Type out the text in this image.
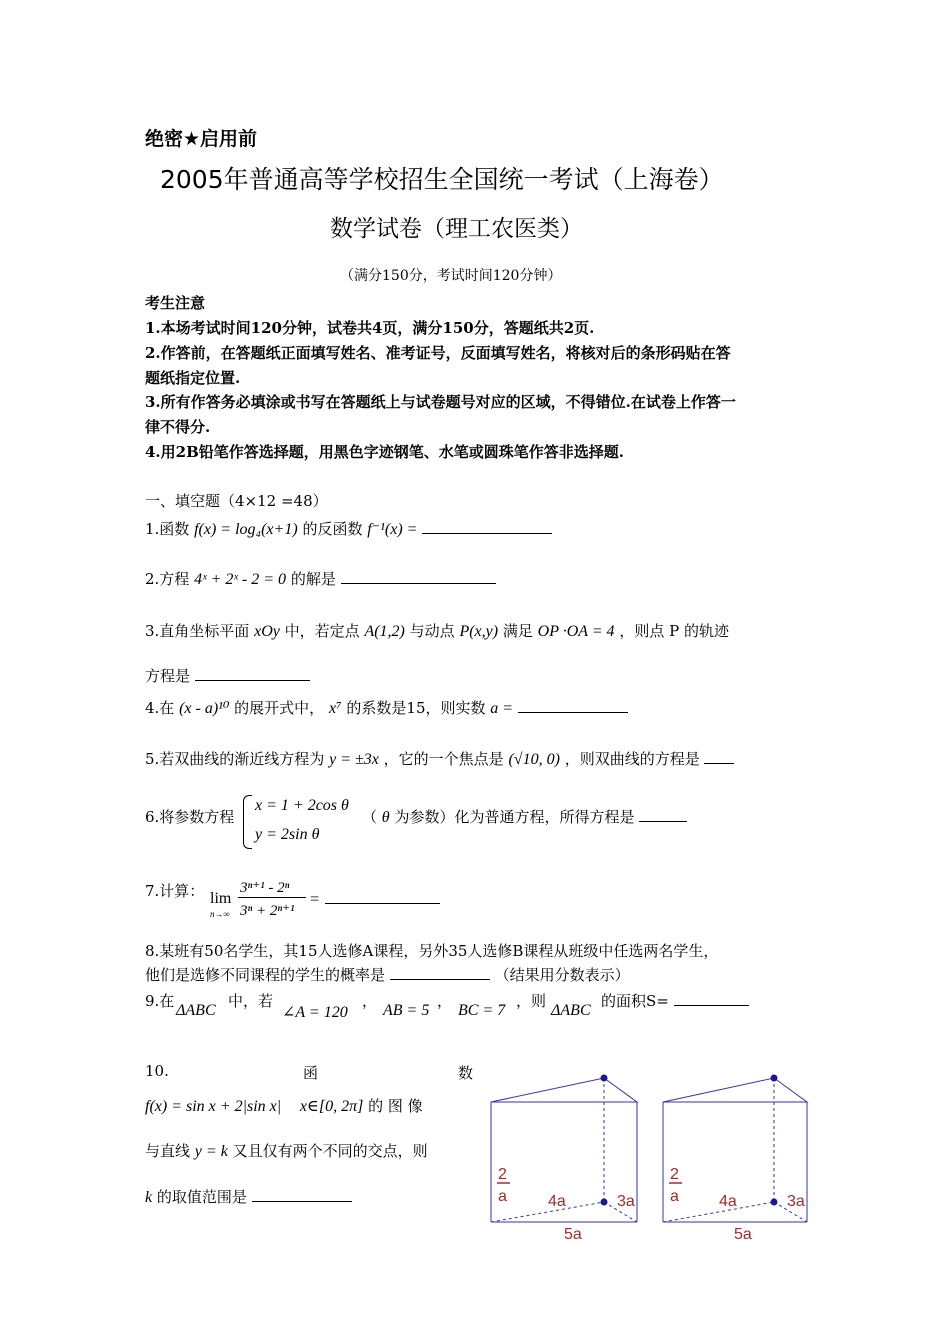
绝密★启用前
2005年普通高等学校招生全国统一考试（上海卷）
数学试卷（理工农医类）
（满分150分，考试时间120分钟）
考生注意
1.本场考试时间120分钟，试卷共4页，满分150分，答题纸共2页.
2.作答前，在答题纸正面填写姓名、准考证号，反面填写姓名，将核对后的条形码贴在答
题纸指定位置.
3.所有作答务必填涂或书写在答题纸上与试卷题号对应的区域，不得错位.在试卷上作答一
律不得分.
4.用2B铅笔作答选择题，用黑色字迹钢笔、水笔或圆珠笔作答非选择题.
一、填空题（4×12 =48）
1.函数 f(x) = log₄(x+1) 的反函数 f⁻¹(x) =
2.方程 4ˣ + 2ˣ - 2 = 0 的解是
3.直角坐标平面 xOy 中，若定点 A(1,2) 与动点 P(x,y) 满足 OP ·OA = 4 ，则点 P 的轨迹
方程是
4.在 (x - a)¹⁰ 的展开式中， x⁷ 的系数是15，则实数 a =
5.若双曲线的渐近线方程为 y = ±3x ，它的一个焦点是 (√10, 0) ，则双曲线的方程是
6.将参数方程
x = 1 + 2cos θ
y = 2sin θ
（ θ 为参数）化为普通方程，所得方程是
7.计算： lim
n→∞
3ⁿ⁺¹ - 2ⁿ
3ⁿ + 2ⁿ⁺¹
=
8.某班有50名学生，其15人选修A课程，另外35人选修B课程从班级中任选两名学生，
他们是选修不同课程的学生的概率是	（结果用分数表示）
9.在
ΔABC
中，若
∠A = 120
，
AB = 5
，
BC = 7
，则
ΔABC
的面积S=
10.	函	数
f(x) = sin x + 2|sin x| x∈[0, 2π] 的 图 像
与直线 y = k 又且仅有两个不同的交点，则
k 的取值范围是
2
a	4a	3a
5a
2
a	4a	3a
5a
